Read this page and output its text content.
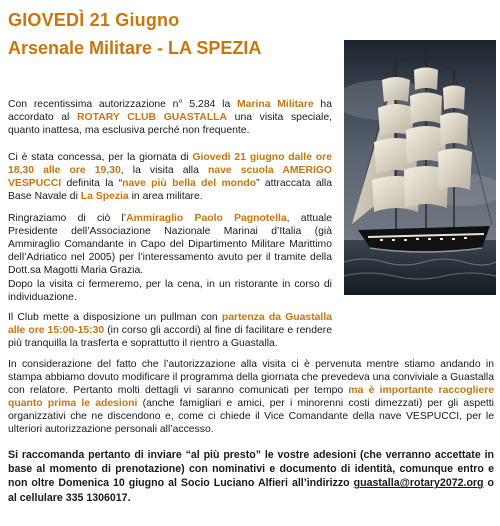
GIOVEDÌ 21 Giugno
Arsenale Militare - LA SPEZIA

Con recentissima autorizzazione n° 5.284 la Marina Militare ha accordato al ROTARY CLUB GUASTALLA una visita speciale, quanto inattesa, ma esclusiva perché non frequente.

Ci è stata concessa, per la giornata di Giovedì 21 giugno dalle ore 18,30 alle ore 19,30, la visita alla nave scuola AMERIGO VESPUCCI definita la “nave più bella del mondo” attraccata alla Base Navale di La Spezia in area militare.

Ringraziamo di ciò l’Ammiraglio Paolo Pagnotella, attuale Presidente dell’Associazione Nazionale Marinai d’Italia (già Ammiraglio Comandante in Capo del Dipartimento Militare Marittimo dell’Adriatico nel 2005) per l’interessamento avuto per il tramite della Dott.sa Magotti Maria Grazia.

Dopo la visita ci fermeremo, per la cena, in un ristorante in corso di individuazione.

Il Club mette a disposizione un pullman con partenza da Guastalla alle ore 15:00-15:30 (in corso gli accordi) al fine di facilitare e rendere più tranquilla la trasferta e soprattutto il rientro a Guastalla.

In considerazione del fatto che l’autorizzazione alla visita ci è pervenuta mentre stiamo andando in stampa abbiamo dovuto modificare il programma della giornata che prevedeva una conviviale a Guastalla con relatore. Pertanto molti dettagli vi saranno comunicati per tempo ma è importante raccogliere quanto prima le adesioni (anche famigliari e amici, per i minorenni costi dimezzati) per gli aspetti organizzativi che ne discendono e, come ci chiede il Vice Comandante della nave VESPUCCI, per le ulteriori autorizzazione personali all’accesso.

Si raccomanda pertanto di inviare “al più presto” le vostre adesioni (che verranno accettate in base al momento di prenotazione) con nominativi e documento di identità, comunque entro e non oltre Domenica 10 giugno al Socio Luciano Alfieri all’indirizzo guastalla@rotary2072.org o al cellulare 335 1306017.
